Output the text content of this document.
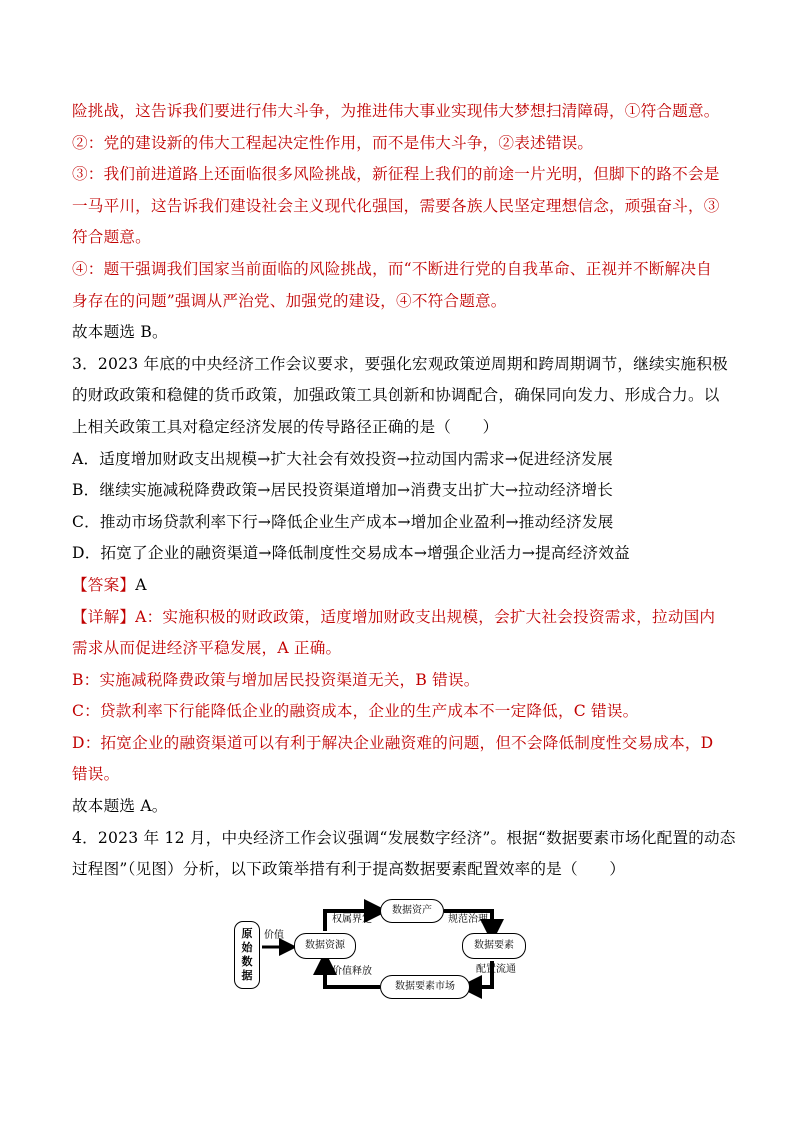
险挑战，这告诉我们要进行伟大斗争，为推进伟大事业实现伟大梦想扫清障碍，①符合题意。
②：党的建设新的伟大工程起决定性作用，而不是伟大斗争，②表述错误。
③：我们前进道路上还面临很多风险挑战，新征程上我们的前途一片光明，但脚下的路不会是
一马平川，这告诉我们建设社会主义现代化强国，需要各族人民坚定理想信念，顽强奋斗，③
符合题意。
④：题干强调我们国家当前面临的风险挑战，而“不断进行党的自我革命、正视并不断解决自
身存在的问题”强调从严治党、加强党的建设，④不符合题意。
故本题选 B。
3．2023 年底的中央经济工作会议要求，要强化宏观政策逆周期和跨周期调节，继续实施积极
的财政政策和稳健的货币政策，加强政策工具创新和协调配合，确保同向发力、形成合力。以
上相关政策工具对稳定经济发展的传导路径正确的是（　　）
A．适度增加财政支出规模→扩大社会有效投资→拉动国内需求→促进经济发展
B．继续实施减税降费政策→居民投资渠道增加→消费支出扩大→拉动经济增长
C．推动市场贷款利率下行→降低企业生产成本→增加企业盈利→推动经济发展
D．拓宽了企业的融资渠道→降低制度性交易成本→增强企业活力→提高经济效益
【答案】A
【详解】A：实施积极的财政政策，适度增加财政支出规模，会扩大社会投资需求，拉动国内
需求从而促进经济平稳发展，A 正确。
B：实施减税降费政策与增加居民投资渠道无关，B 错误。
C：贷款利率下行能降低企业的融资成本，企业的生产成本不一定降低，C 错误。
D：拓宽企业的融资渠道可以有利于解决企业融资难的问题，但不会降低制度性交易成本，D
错误。
故本题选 A。
4．2023 年 12 月，中央经济工作会议强调“发展数字经济”。根据“数据要素市场化配置的动态
过程图”（见图）分析，以下政策举措有利于提高数据要素配置效率的是（　　）
原
始
数
据
价值
数据资源
数据资产
数据要素
数据要素市场
权属界定	规范治理
配置流通
价值释放
